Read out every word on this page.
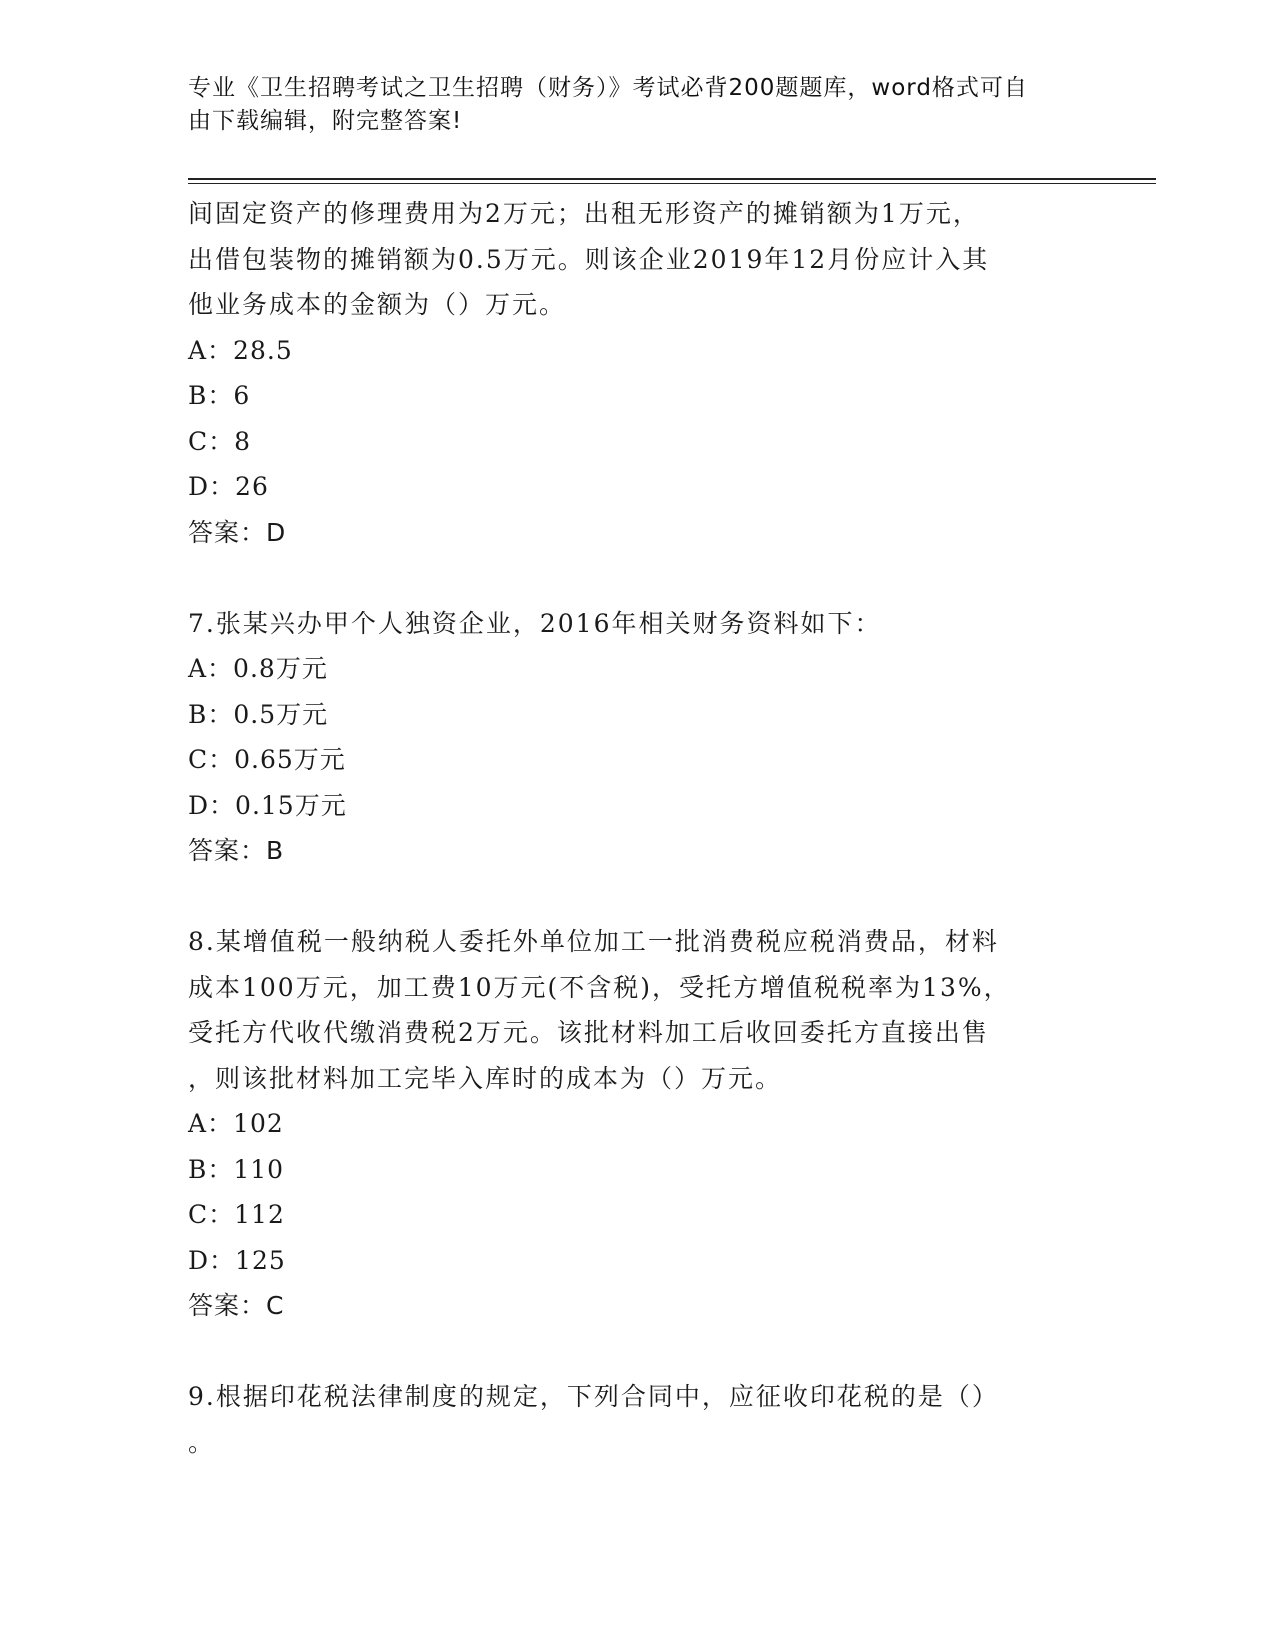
专业《卫生招聘考试之卫生招聘（财务）》考试必背200题题库，word格式可自
由下载编辑，附完整答案!

间固定资产的修理费用为2万元；出租无形资产的摊销额为1万元，

出借包装物的摊销额为0.5万元。则该企业2019年12月份应计入其

他业务成本的金额为（）万元。

A：28.5

B：6

C：8

D：26

答案：D

7.张某兴办甲个人独资企业，2016年相关财务资料如下：

A：0.8万元

B：0.5万元

C：0.65万元

D：0.15万元

答案：B

8.某增值税一般纳税人委托外单位加工一批消费税应税消费品，材料

成本100万元，加工费10万元(不含税)，受托方增值税税率为13%，

受托方代收代缴消费税2万元。该批材料加工后收回委托方直接出售

，则该批材料加工完毕入库时的成本为（）万元。

A：102

B：110

C：112

D：125

答案：C

9.根据印花税法律制度的规定，下列合同中，应征收印花税的是（）

。
